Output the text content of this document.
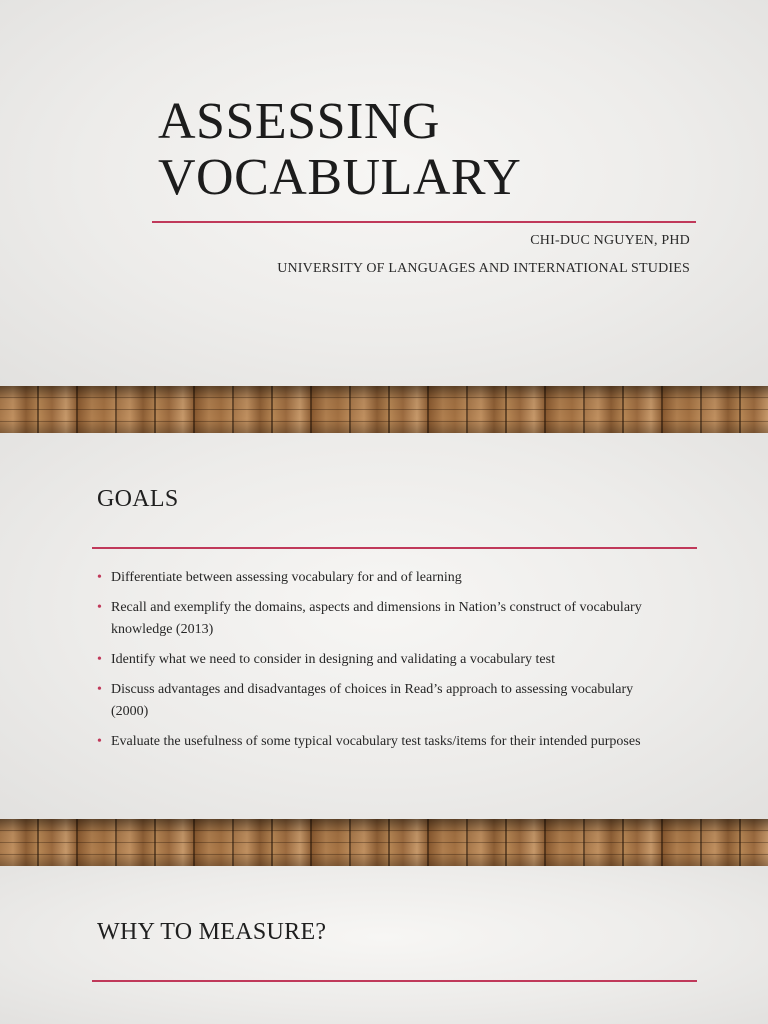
ASSESSING
VOCABULARY
CHI-DUC NGUYEN, PHD
UNIVERSITY OF LANGUAGES AND INTERNATIONAL STUDIES
GOALS
• Differentiate between assessing vocabulary for and of learning
• Recall and exemplify the domains, aspects and dimensions in Nation’s construct of vocabulary knowledge (2013)
• Identify what we need to consider in designing and validating a vocabulary test
• Discuss advantages and disadvantages of choices in Read’s approach to assessing vocabulary (2000)
• Evaluate the usefulness of some typical vocabulary test tasks/items for their intended purposes
WHY TO MEASURE?
